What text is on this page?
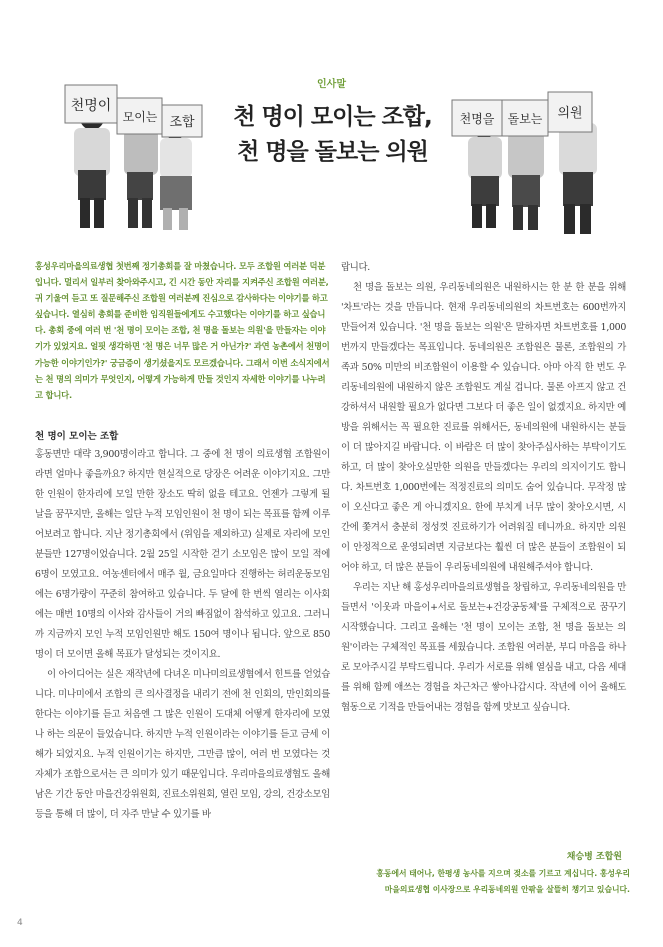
천명이
모이는 조합	천명을 돌보는 의원
인사말
천 명이 모이는 조합,
천 명을 돌보는 의원
홍성우리마을의료생협 첫번째 정기총회를 잘 마쳤습니다. 모두 조합원 여러분 덕분입니다. 멀리서 일부러 찾아와주시고, 긴 시간 동안 자리를 지켜주신 조합원 여러분, 귀 기울여 듣고 또 질문해주신 조합원 여러분께 진심으로 감사하다는 이야기를 하고 싶습니다. 열심히 총회를 준비한 임직원들에게도 수고했다는 이야기를 하고 싶습니다. 총회 중에 여러 번 '천 명이 모이는 조합, 천 명을 돌보는 의원'을 만들자는 이야기가 있었지요. 얼핏 생각하면 '천 명은 너무 많은 거 아닌가?' 과연 농촌에서 천명이 가능한 이야기인가?' 궁금증이 생기셨을지도 모르겠습니다. 그래서 이번 소식지에서는 천 명의 의미가 무엇인지, 어떻게 가능하게 만들 것인지 자세한 이야기를 나누려고 합니다.
천 명이 모이는 조합

홍동면만 대략 3,900명이라고 합니다. 그 중에 천 명이 의료생협 조합원이라면 얼마나 좋을까요? 하지만 현실적으로 당장은 어려운 이야기지요. 그만한 인원이 한자리에 모일 만한 장소도 딱히 없을 테고요. 언젠가 그렇게 될 날을 꿈꾸지만, 올해는 일단 누적 모임인원이 천 명이 되는 목표를 함께 이루어보려고 합니다. 지난 정기총회에서 (위임을 제외하고) 실제로 자리에 모인 분들만 127명이었습니다. 2월 25일 시작한 걷기 소모임은 많이 모일 적에 6명이 모였고요. 여농센터에서 매주 월, 금요일마다 진행하는 허리운동모임에는 6명가량이 꾸준히 참여하고 있습니다. 두 달에 한 번씩 열리는 이사회에는 매번 10명의 이사와 감사들이 거의 빠짐없이 참석하고 있고요. 그러니까 지금까지 모인 누적 모임인원만 해도 150여 명이나 됩니다. 앞으로 850명이 더 모이면 올해 목표가 달성되는 것이지요.

이 아이디어는 실은 재작년에 다녀온 미나미의료생협에서 힌트를 얻었습니다. 미나미에서 조합의 큰 의사결정을 내리기 전에 천 인회의, 만인회의를 한다는 이야기를 듣고 처음엔 그 많은 인원이 도대체 어떻게 한자리에 모였나 하는 의문이 들었습니다. 하지만 누적 인원이라는 이야기를 듣고 금세 이해가 되었지요. 누적 인원이기는 하지만, 그만큼 많이, 여러 번 모였다는 것 자체가 조합으로서는 큰 의미가 있기 때문입니다. 우리마을의료생협도 올해 남은 기간 동안 마을건강위원회, 진료소위원회, 열린 모임, 강의, 건강소모임 등을 통해 더 많이, 더 자주 만날 수 있기를 바

랍니다.

천 명을 돌보는 의원, 우리동네의원은 내원하시는 한 분 한 분을 위해 '차트'라는 것을 만듭니다. 현재 우리동네의원의 차트번호는 600번까지 만들어져 있습니다. '천 명을 돌보는 의원'은 말하자면 차트번호를 1,000번까지 만들겠다는 목표입니다. 동네의원은 조합원은 물론, 조합원의 가족과 50% 미만의 비조합원이 이용할 수 있습니다. 아마 아직 한 번도 우리동네의원에 내원하지 않은 조합원도 계실 겁니다. 물론 아프지 않고 건강하셔서 내원할 필요가 없다면 그보다 더 좋은 일이 없겠지요. 하지만 예방을 위해서는 꼭 필요한 진료를 위해서든, 동네의원에 내원하시는 분들이 더 많아지길 바랍니다. 이 바람은 더 많이 찾아주십사하는 부탁이기도 하고, 더 많이 찾아오실만한 의원을 만들겠다는 우리의 의지이기도 합니다. 차트번호 1,000번에는 적정진료의 의미도 숨어 있습니다. 무작정 많이 오신다고 좋은 게 아니겠지요. 한에 부치게 너무 많이 찾아오시면, 시간에 쫓겨서 충분히 정성껏 진료하기가 어려워질 테니까요. 하지만 의원이 안정적으로 운영되려면 지금보다는 훨씬 더 많은 분들이 조합원이 되어야 하고, 더 많은 분들이 우리동네의원에 내원해주셔야 합니다.

우리는 지난 해 홍성우리마을의료생협을 창립하고, 우리동네의원을 만들면서 '이웃과 마을이+서로 돌보는+건강공동체'를 구체적으로 꿈꾸기 시작했습니다. 그리고 올해는 '천 명이 모이는 조합, 천 명을 돌보는 의원'이라는 구체적인 목표를 세웠습니다. 조합원 여러분, 부디 마음을 하나로 모아주시길 부탁드립니다. 우리가 서로를 위해 열심을 내고, 다음 세대를 위해 함께 애쓰는 경험을 차근차근 쌓아나갑시다. 작년에 이어 올해도 협동으로 기적을 만들어내는 경험을 함께 맛보고 싶습니다.

채승병 조합원
홍동에서 태어나, 한평생 농사를 지으며 젖소를 기르고 계십니다. 홍성우리
마을의료생협 이사장으로 우리동네의원 안팎을 살뜰히 챙기고 있습니다.
4
